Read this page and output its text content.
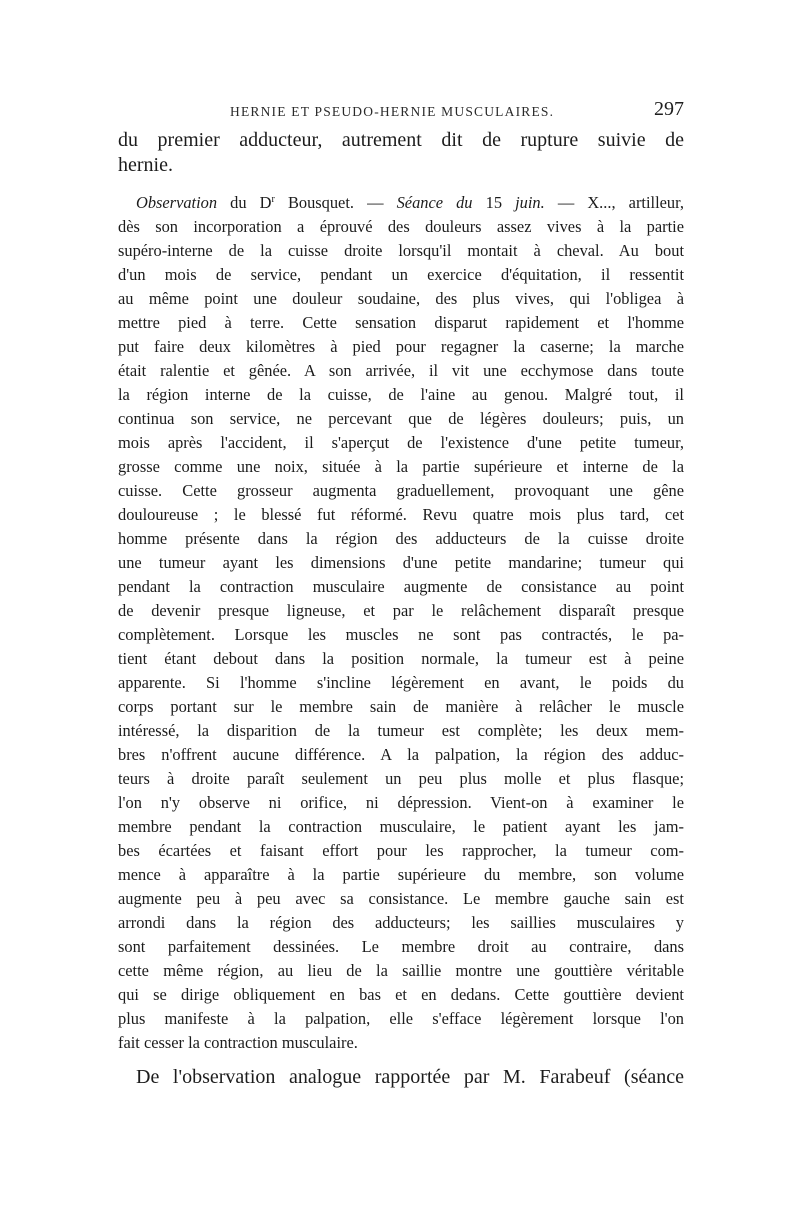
HERNIE ET PSEUDO-HERNIE MUSCULAIRES.	297
du premier adducteur, autrement dit de rupture suivie de
hernie.
Observation du $D^r$ Bousquet. — Séance du 15 juin. — X..., artilleur,
dès son incorporation a éprouvé des douleurs assez vives à la partie
supéro-interne de la cuisse droite lorsqu'il montait à cheval. Au bout
d'un mois de service, pendant un exercice d'équitation, il ressentit
au même point une douleur soudaine, des plus vives, qui l'obligea à
mettre pied à terre. Cette sensation disparut rapidement et l'homme
put faire deux kilomètres à pied pour regagner la caserne; la marche
était ralentie et gênée. A son arrivée, il vit une ecchymose dans toute
la région interne de la cuisse, de l'aine au genou. Malgré tout, il
continua son service, ne percevant que de légères douleurs; puis, un
mois après l'accident, il s'aperçut de l'existence d'une petite tumeur,
grosse comme une noix, située à la partie supérieure et interne de la
cuisse. Cette grosseur augmenta graduellement, provoquant une gêne
douloureuse ; le blessé fut réformé. Revu quatre mois plus tard, cet
homme présente dans la région des adducteurs de la cuisse droite
une tumeur ayant les dimensions d'une petite mandarine; tumeur qui
pendant la contraction musculaire augmente de consistance au point
de devenir presque ligneuse, et par le relâchement disparaît presque
complètement. Lorsque les muscles ne sont pas contractés, le pa-
tient étant debout dans la position normale, la tumeur est à peine
apparente. Si l'homme s'incline légèrement en avant, le poids du
corps portant sur le membre sain de manière à relâcher le muscle
intéressé, la disparition de la tumeur est complète; les deux mem-
bres n'offrent aucune différence. A la palpation, la région des adduc-
teurs à droite paraît seulement un peu plus molle et plus flasque;
l'on n'y observe ni orifice, ni dépression. Vient-on à examiner le
membre pendant la contraction musculaire, le patient ayant les jam-
bes écartées et faisant effort pour les rapprocher, la tumeur com-
mence à apparaître à la partie supérieure du membre, son volume
augmente peu à peu avec sa consistance. Le membre gauche sain est
arrondi dans la région des adducteurs; les saillies musculaires y
sont parfaitement dessinées. Le membre droit au contraire, dans
cette même région, au lieu de la saillie montre une gouttière véritable
qui se dirige obliquement en bas et en dedans. Cette gouttière devient
plus manifeste à la palpation, elle s'efface légèrement lorsque l'on
fait cesser la contraction musculaire.
De l'observation analogue rapportée par M. Farabeuf (séance
